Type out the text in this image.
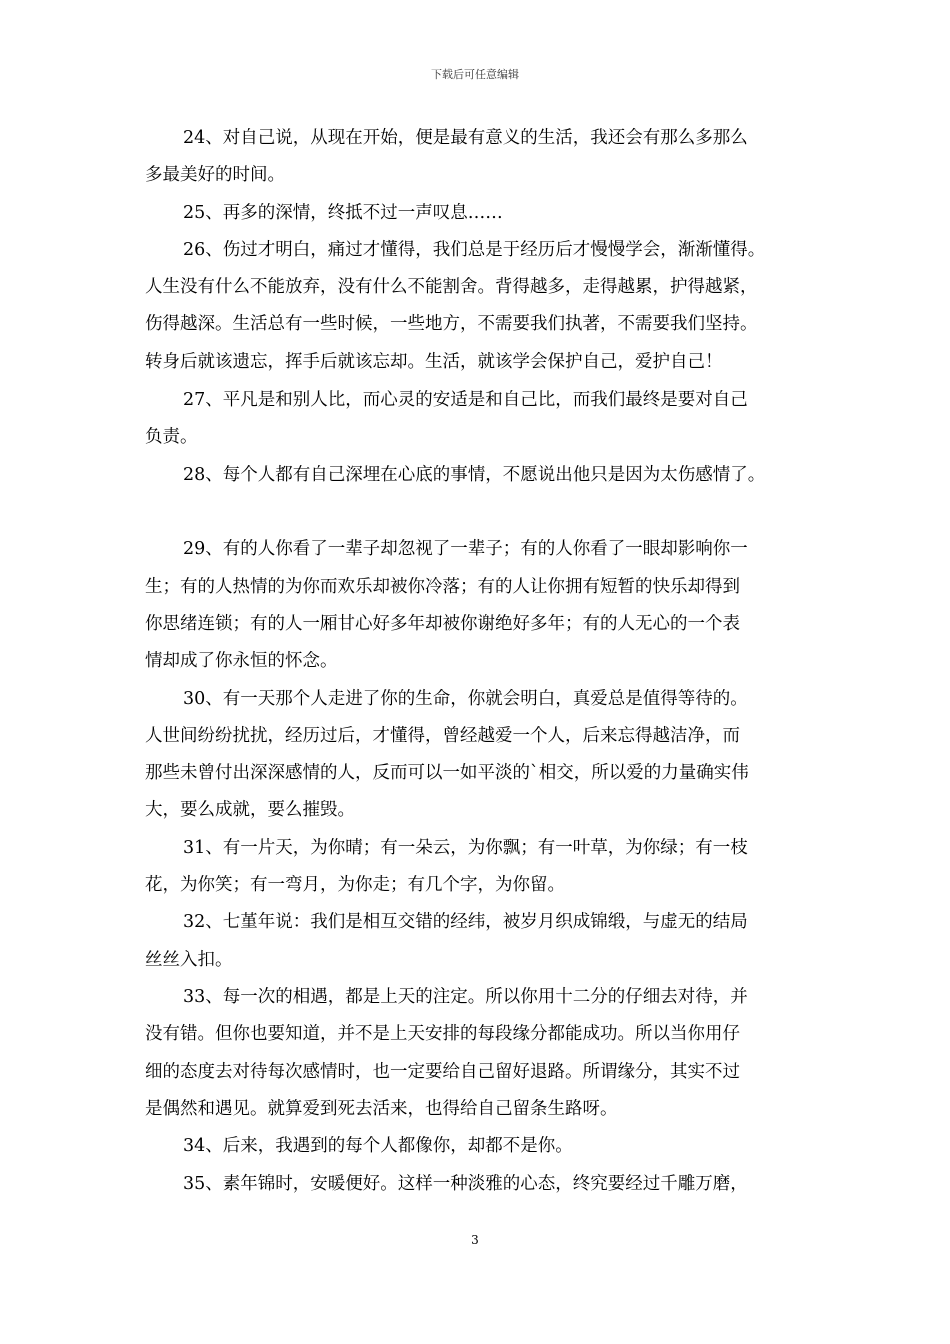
下载后可任意编辑
24、对自己说，从现在开始，便是最有意义的生活，我还会有那么多那么
多最美好的时间。
25、再多的深情，终抵不过一声叹息……
26、伤过才明白，痛过才懂得，我们总是于经历后才慢慢学会，渐渐懂得。
人生没有什么不能放弃，没有什么不能割舍。背得越多，走得越累，护得越紧，
伤得越深。生活总有一些时候，一些地方，不需要我们执著，不需要我们坚持。
转身后就该遗忘，挥手后就该忘却。生活，就该学会保护自己，爱护自己！
27、平凡是和别人比，而心灵的安适是和自己比，而我们最终是要对自己
负责。
28、每个人都有自己深埋在心底的事情，不愿说出他只是因为太伤感情了。
29、有的人你看了一辈子却忽视了一辈子；有的人你看了一眼却影响你一
生；有的人热情的为你而欢乐却被你冷落；有的人让你拥有短暂的快乐却得到
你思绪连锁；有的人一厢甘心好多年却被你谢绝好多年；有的人无心的一个表
情却成了你永恒的怀念。
30、有一天那个人走进了你的生命，你就会明白，真爱总是值得等待的。
人世间纷纷扰扰，经历过后，才懂得，曾经越爱一个人，后来忘得越洁净，而
那些未曾付出深深感情的人，反而可以一如平淡的`相交，所以爱的力量确实伟
大，要么成就，要么摧毁。
31、有一片天，为你晴；有一朵云，为你飘；有一叶草，为你绿；有一枝
花，为你笑；有一弯月，为你走；有几个字，为你留。
32、七堇年说：我们是相互交错的经纬，被岁月织成锦缎，与虚无的结局
丝丝入扣。
33、每一次的相遇，都是上天的注定。所以你用十二分的仔细去对待，并
没有错。但你也要知道，并不是上天安排的每段缘分都能成功。所以当你用仔
细的态度去对待每次感情时，也一定要给自己留好退路。所谓缘分，其实不过
是偶然和遇见。就算爱到死去活来，也得给自己留条生路呀。
34、后来，我遇到的每个人都像你，却都不是你。
35、素年锦时，安暖便好。这样一种淡雅的心态，终究要经过千雕万磨，
3
